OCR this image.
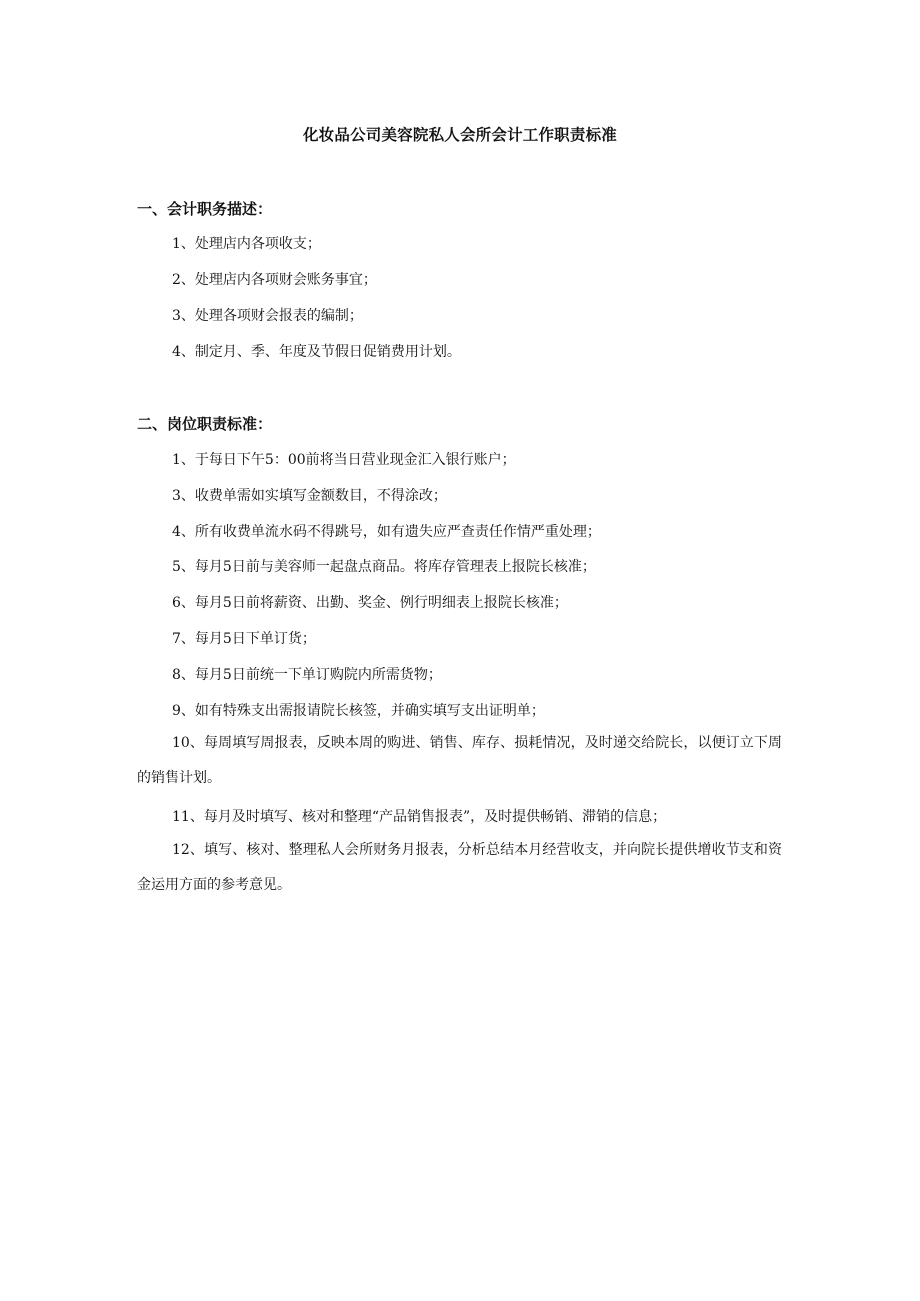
化妆品公司美容院私人会所会计工作职责标准
一、会计职务描述：
1、处理店内各项收支；
2、处理店内各项财会账务事宜；
3、处理各项财会报表的编制；
4、制定月、季、年度及节假日促销费用计划。
二、岗位职责标准：
1、于每日下午5：00前将当日营业现金汇入银行账户；
3、收费单需如实填写金额数目，不得涂改；
4、所有收费单流水码不得跳号，如有遗失应严查责任作情严重处理；
5、每月5日前与美容师一起盘点商品。将库存管理表上报院长核准；
6、每月5日前将薪资、出勤、奖金、例行明细表上报院长核准；
7、每月5日下单订货；
8、每月5日前统一下单订购院内所需货物；
9、如有特殊支出需报请院长核签，并确实填写支出证明单；
10、每周填写周报表，反映本周的购进、销售、库存、损耗情况，及时递交给院长，以便订立下周的销售计划。
11、每月及时填写、核对和整理“产品销售报表”，及时提供畅销、滞销的信息；
12、填写、核对、整理私人会所财务月报表，分析总结本月经营收支，并向院长提供增收节支和资金运用方面的参考意见。
